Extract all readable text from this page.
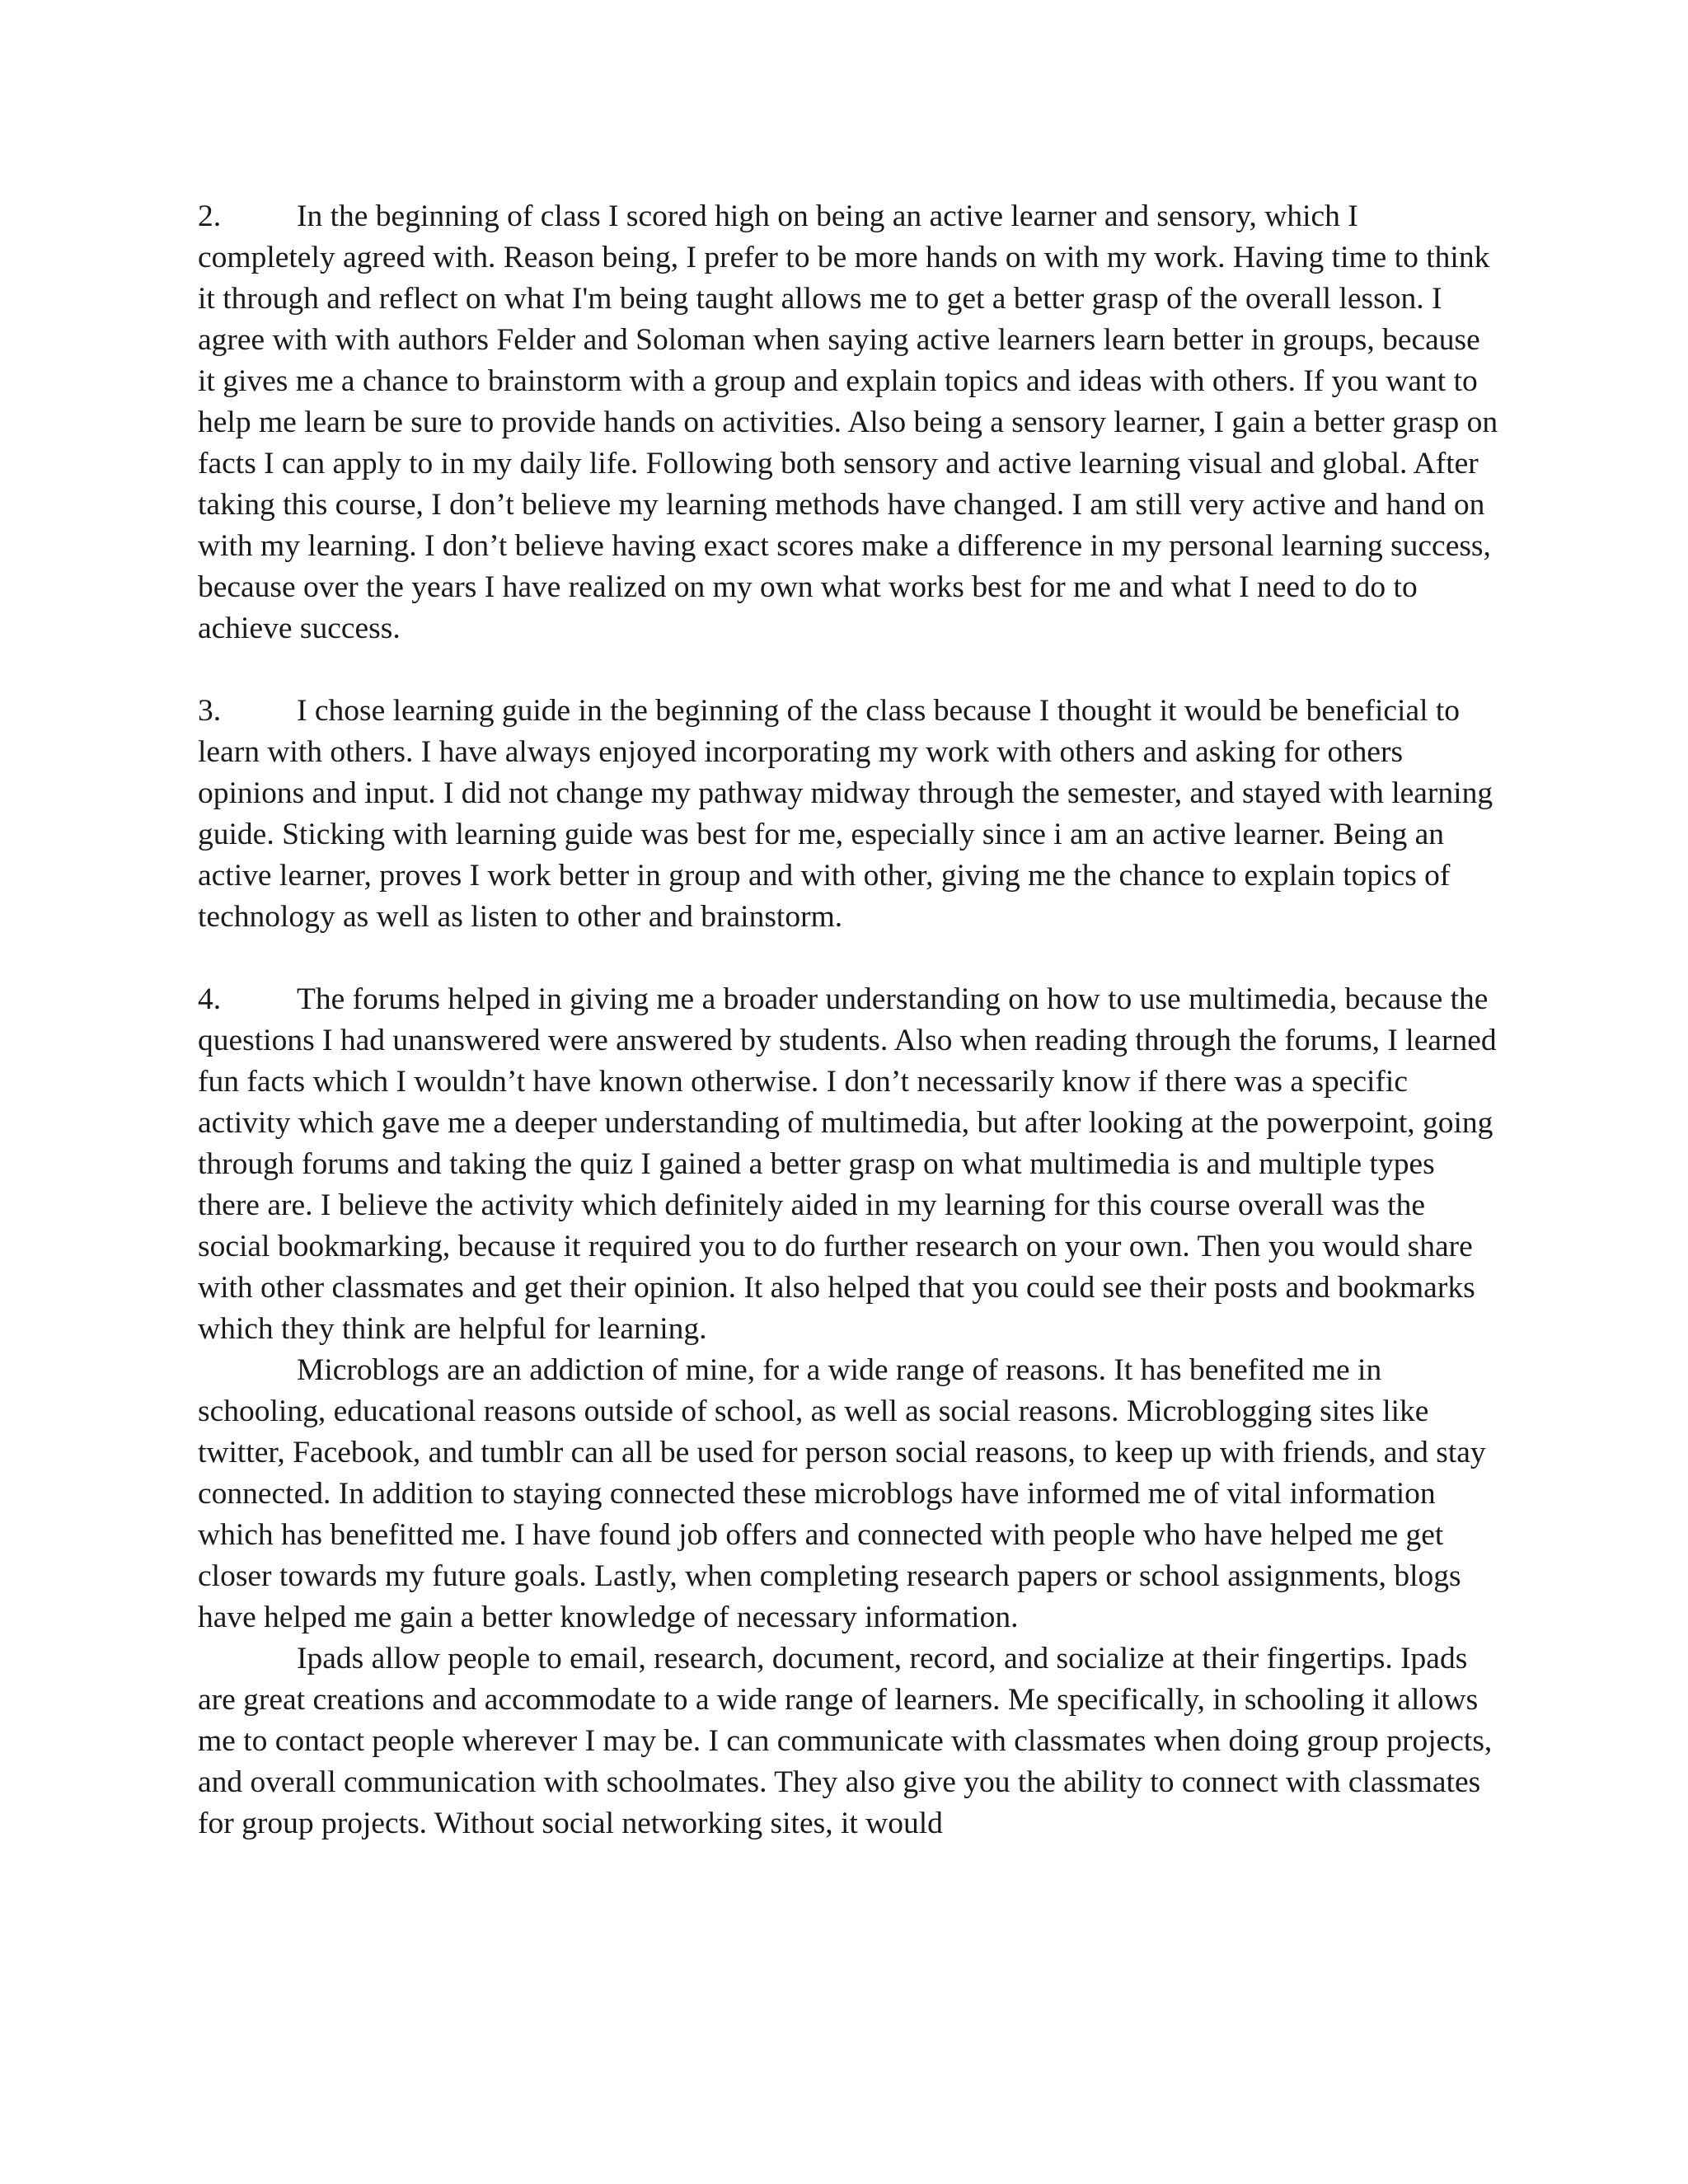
2. In the beginning of class I scored high on being an active learner and sensory, which I completely agreed with. Reason being, I prefer to be more hands on with my work. Having time to think it through and reflect on what I'm being taught allows me to get a better grasp of the overall lesson. I agree with with authors Felder and Soloman when saying active learners learn better in groups, because it gives me a chance to brainstorm with a group and explain topics and ideas with others. If you want to help me learn be sure to provide hands on activities. Also being a sensory learner, I gain a better grasp on facts I can apply to in my daily life. Following both sensory and active learning visual and global. After taking this course, I don’t believe my learning methods have changed. I am still very active and hand on with my learning. I don’t believe having exact scores make a difference in my personal learning success, because over the years I have realized on my own what works best for me and what I need to do to achieve success.

3. I chose learning guide in the beginning of the class because I thought it would be beneficial to learn with others. I have always enjoyed incorporating my work with others and asking for others opinions and input. I did not change my pathway midway through the semester, and stayed with learning guide. Sticking with learning guide was best for me, especially since i am an active learner. Being an active learner, proves I work better in group and with other, giving me the chance to explain topics of technology as well as listen to other and brainstorm.

4. The forums helped in giving me a broader understanding on how to use multimedia, because the questions I had unanswered were answered by students. Also when reading through the forums, I learned fun facts which I wouldn’t have known otherwise. I don’t necessarily know if there was a specific activity which gave me a deeper understanding of multimedia, but after looking at the powerpoint, going through forums and taking the quiz I gained a better grasp on what multimedia is and multiple types there are. I believe the activity which definitely aided in my learning for this course overall was the social bookmarking, because it required you to do further research on your own. Then you would share with other classmates and get their opinion. It also helped that you could see their posts and bookmarks which they think are helpful for learning.

Microblogs are an addiction of mine, for a wide range of reasons. It has benefited me in schooling, educational reasons outside of school, as well as social reasons. Microblogging sites like twitter, Facebook, and tumblr can all be used for person social reasons, to keep up with friends, and stay connected. In addition to staying connected these microblogs have informed me of vital information which has benefitted me. I have found job offers and connected with people who have helped me get closer towards my future goals. Lastly, when completing research papers or school assignments, blogs have helped me gain a better knowledge of necessary information.

Ipads allow people to email, research, document, record, and socialize at their fingertips. Ipads are great creations and accommodate to a wide range of learners. Me specifically, in schooling it allows me to contact people wherever I may be. I can communicate with classmates when doing group projects, and overall communication with schoolmates. They also give you the ability to connect with classmates for group projects. Without social networking sites, it would
